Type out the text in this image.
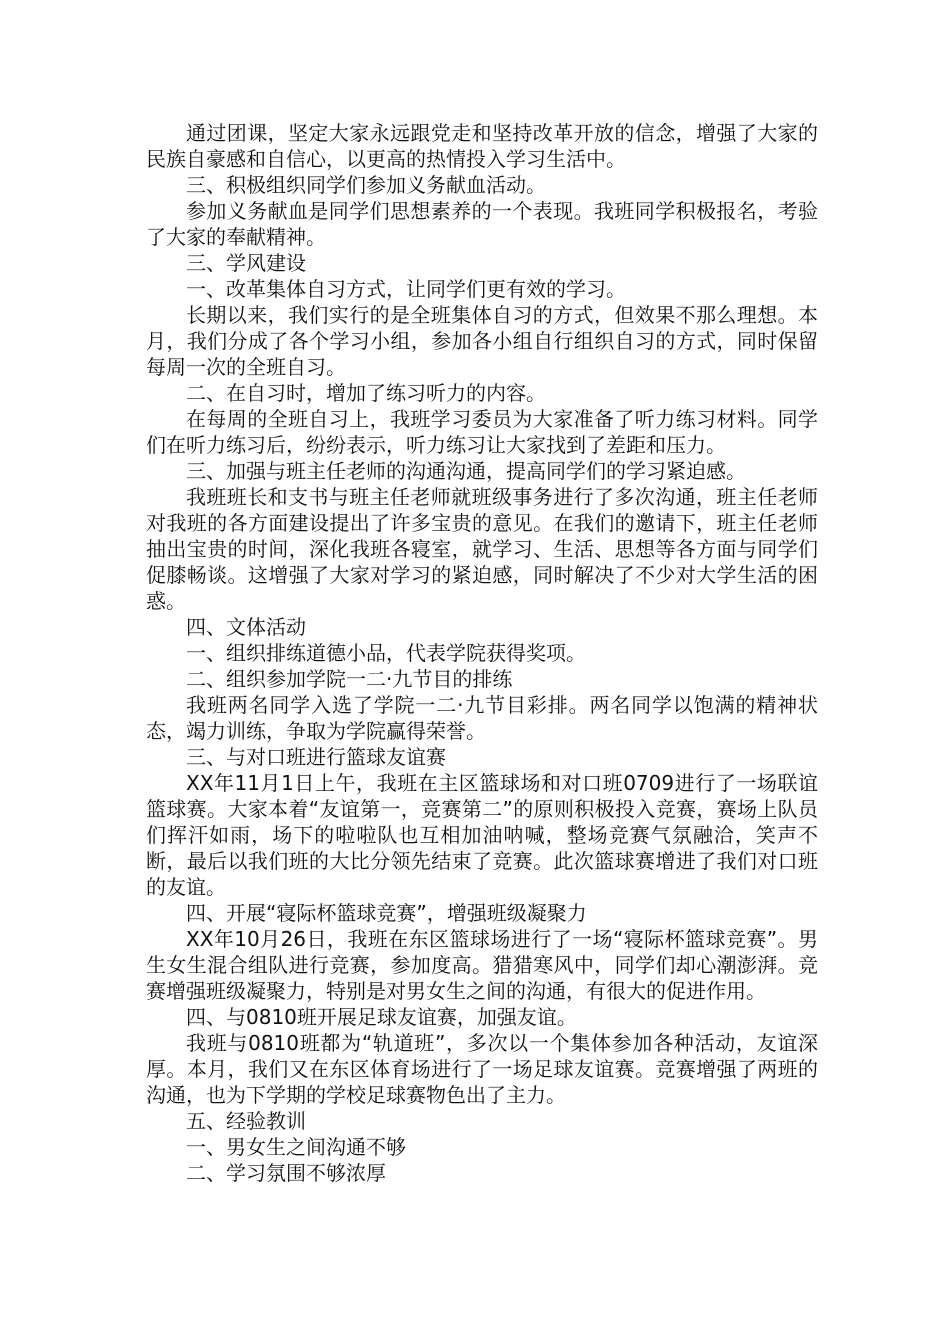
通过团课，坚定大家永远跟党走和坚持改革开放的信念，增强了大家的民族自豪感和自信心，以更高的热情投入学习生活中。

三、积极组织同学们参加义务献血活动。

参加义务献血是同学们思想素养的一个表现。我班同学积极报名，考验了大家的奉献精神。

三、学风建设

一、改革集体自习方式，让同学们更有效的学习。

长期以来，我们实行的是全班集体自习的方式，但效果不那么理想。本月，我们分成了各个学习小组，参加各小组自行组织自习的方式，同时保留每周一次的全班自习。

二、在自习时，增加了练习听力的内容。

在每周的全班自习上，我班学习委员为大家准备了听力练习材料。同学们在听力练习后，纷纷表示，听力练习让大家找到了差距和压力。

三、加强与班主任老师的沟通沟通，提高同学们的学习紧迫感。

我班班长和支书与班主任老师就班级事务进行了多次沟通，班主任老师对我班的各方面建设提出了许多宝贵的意见。在我们的邀请下，班主任老师抽出宝贵的时间，深化我班各寝室，就学习、生活、思想等各方面与同学们促膝畅谈。这增强了大家对学习的紧迫感，同时解决了不少对大学生活的困惑。

四、文体活动

一、组织排练道德小品，代表学院获得奖项。

二、组织参加学院一二·九节目的排练

我班两名同学入选了学院一二·九节目彩排。两名同学以饱满的精神状态，竭力训练，争取为学院赢得荣誉。

三、与对口班进行篮球友谊赛

XX年11月1日上午，我班在主区篮球场和对口班0709进行了一场联谊篮球赛。大家本着“友谊第一，竞赛第二”的原则积极投入竞赛，赛场上队员们挥汗如雨，场下的啦啦队也互相加油呐喊，整场竞赛气氛融洽，笑声不断，最后以我们班的大比分领先结束了竞赛。此次篮球赛增进了我们对口班的友谊。

四、开展“寝际杯篮球竞赛”，增强班级凝聚力

XX年10月26日，我班在东区篮球场进行了一场“寝际杯篮球竞赛”。男生女生混合组队进行竞赛，参加度高。猎猎寒风中，同学们却心潮澎湃。竞赛增强班级凝聚力，特别是对男女生之间的沟通，有很大的促进作用。

四、与0810班开展足球友谊赛，加强友谊。

我班与0810班都为“轨道班”，多次以一个集体参加各种活动，友谊深厚。本月，我们又在东区体育场进行了一场足球友谊赛。竞赛增强了两班的沟通，也为下学期的学校足球赛物色出了主力。

五、经验教训

一、男女生之间沟通不够

二、学习氛围不够浓厚
